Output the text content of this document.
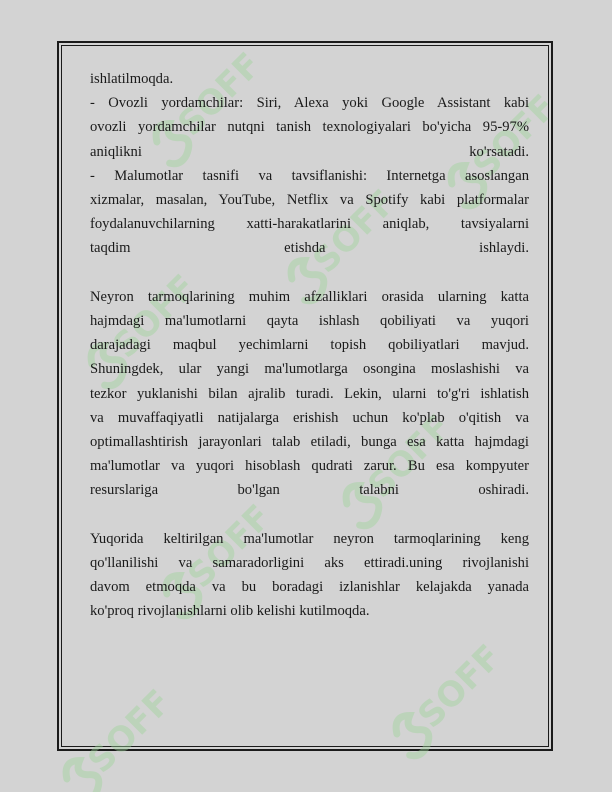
SOFF
SOFF
SOFF
SOFF
SOFF
SOFF
SOFF
SOFF
ishlatilmoqda.
- Ovozli yordamchilar: Siri, Alexa yoki Google Assistant kabi
ovozli yordamchilar nutqni tanish texnologiyalari bo'yicha 95-97%
aniqlikni ko'rsatadi.
- Malumotlar tasnifi va tavsiflanishi: Internetga asoslangan
xizmalar, masalan, YouTube, Netflix va Spotify kabi platformalar
foydalanuvchilarning xatti-harakatlarini aniqlab, tavsiyalarni
taqdim etishda ishlaydi.
Neyron tarmoqlarining muhim afzalliklari orasida ularning katta
hajmdagi ma'lumotlarni qayta ishlash qobiliyati va yuqori
darajadagi maqbul yechimlarni topish qobiliyatlari mavjud.
Shuningdek, ular yangi ma'lumotlarga osongina moslashishi va
tezkor yuklanishi bilan ajralib turadi. Lekin, ularni to'g'ri ishlatish
va muvaffaqiyatli natijalarga erishish uchun ko'plab o'qitish va
optimallashtirish jarayonlari talab etiladi, bunga esa katta hajmdagi
ma'lumotlar va yuqori hisoblash qudrati zarur. Bu esa kompyuter
resurslariga bo'lgan talabni oshiradi.
Yuqorida keltirilgan ma'lumotlar neyron tarmoqlarining keng
qo'llanilishi va samaradorligini aks ettiradi.uning rivojlanishi
davom etmoqda va bu boradagi izlanishlar kelajakda yanada
ko'proq rivojlanishlarni olib kelishi kutilmoqda.
